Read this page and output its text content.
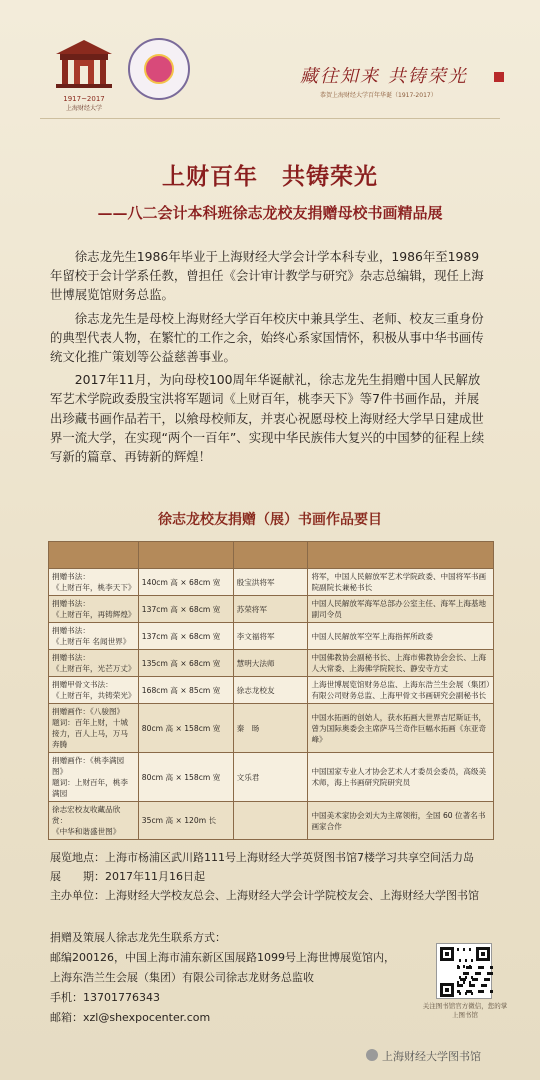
1917~2017
上海财经大学
藏往知来 共铸荣光
恭贺上海财经大学百年华诞（1917-2017）
上财百年　共铸荣光
——八二会计本科班徐志龙校友捐赠母校书画精品展

徐志龙先生1986年毕业于上海财经大学会计学本科专业，1986年至1989年留校于会计学系任教，曾担任《会计审计教学与研究》杂志总编辑，现任上海世博展览馆财务总监。

徐志龙先生是母校上海财经大学百年校庆中兼具学生、老师、校友三重身份的典型代表人物，在繁忙的工作之余，始终心系家国情怀，积极从事中华书画传统文化推广策划等公益慈善事业。

2017年11月，为向母校100周年华诞献礼，徐志龙先生捐赠中国人民解放军艺术学院政委殷宝洪将军题词《上财百年，桃李天下》等7件书画作品，并展出珍藏书画作品若干，以飨母校师友，并衷心祝愿母校上海财经大学早日建成世界一流大学，在实现“两个一百年”、实现中华民族伟大复兴的中国梦的征程上续写新的篇章、再铸新的辉煌！

徐志龙校友捐赠（展）书画作品要目

捐赠书法：
《上财百年，桃李天下》	140cm 高 × 68cm 宽	殷宝洪将军	将军，中国人民解放军艺术学院政委、中国将军书画院副院长兼秘书长
捐赠书法：
《上财百年，再铸辉煌》	137cm 高 × 68cm 宽	苏荣将军	中国人民解放军海军总部办公室主任、海军上海基地副司令员
捐赠书法：
《上财百年 名闻世界》	137cm 高 × 68cm 宽	李文福将军	中国人民解放军空军上海指挥所政委
捐赠书法：
《上财百年，光芒万丈》	135cm 高 × 68cm 宽	慧明大法师	中国佛教协会副秘书长、上海市佛教协会会长、上海人大常委、上海佛学院院长、静安寺方丈
捐赠甲骨文书法：
《上财百年，共铸荣光》	168cm 高 × 85cm 宽	徐志龙校友	上海世博展览馆财务总监、上海东浩兰生会展（集团）有限公司财务总监、上海甲骨文书画研究会副秘书长
捐赠画作：《八骏图》
题词：百年上财，十城接力，百人上马，万马奔腾	80cm 高 × 158cm 宽	秦　旸	中国水拓画的创始人，获水拓画大世界吉尼斯证书，曾为国际奥委会主席萨马兰奇作巨幅水拓画《东亚奇峰》
捐赠画作：《桃李满园图》
题词：上财百年，桃李满园	80cm 高 × 158cm 宽	文乐君	中国国家专业人才协会艺术人才委员会委员，高级美术师，海上书画研究院研究员
徐志宏校友收藏品欣赏：
《中华和谐盛世图》	35cm 高 × 120m 长		中国美术家协会刘大为主席领衔，全国 60 位著名书画家合作
展览地点：上海市杨浦区武川路111号上海财经大学英贤图书馆7楼学习共享空间活力岛
展　　期：2017年11月16日起
主办单位：上海财经大学校友总会、上海财经大学会计学院校友会、上海财经大学图书馆
捐赠及策展人徐志龙先生联系方式：
邮编200126，中国上海市浦东新区国展路1099号上海世博展览馆内，
上海东浩兰生会展（集团）有限公司徐志龙财务总监收
手机：13701776343
邮箱：xzl@shexpocenter.com
关注图书馆官方微信，您的掌上图书馆
上海财经大学图书馆
